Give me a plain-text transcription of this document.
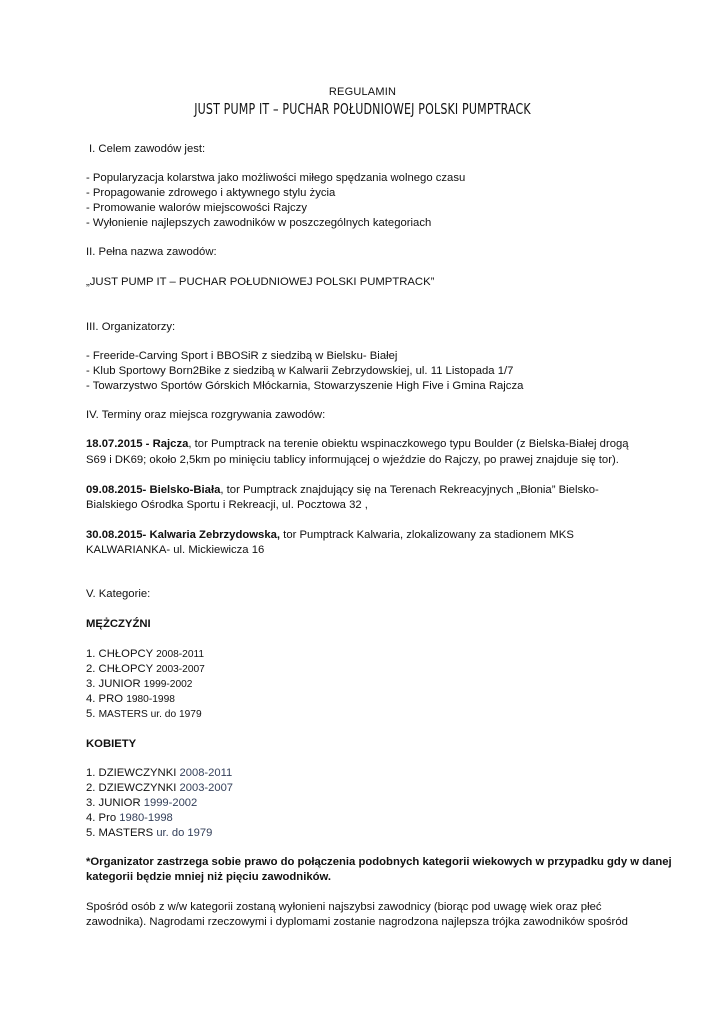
REGULAMIN
JUST PUMP IT – PUCHAR POŁUDNIOWEJ POLSKI PUMPTRACK
I. Celem zawodów jest:
- Popularyzacja kolarstwa jako możliwości miłego spędzania wolnego czasu
- Propagowanie zdrowego i aktywnego stylu życia
- Promowanie walorów miejscowości Rajczy
- Wyłonienie najlepszych zawodników w poszczególnych kategoriach
II. Pełna nazwa zawodów:
„JUST PUMP IT – PUCHAR POŁUDNIOWEJ POLSKI PUMPTRACK”
III. Organizatorzy:
- Freeride-Carving Sport i BBOSiR z siedzibą w Bielsku- Białej
- Klub Sportowy Born2Bike z siedzibą w Kalwarii Zebrzydowskiej, ul. 11 Listopada 1/7
- Towarzystwo Sportów Górskich Młóckarnia, Stowarzyszenie High Five i Gmina Rajcza
IV. Terminy oraz miejsca rozgrywania zawodów:
18.07.2015 - Rajcza, tor Pumptrack na terenie obiektu wspinaczkowego typu Boulder (z Bielska-Białej drogą
S69 i DK69; około 2,5km po minięciu tablicy informującej o wjeździe do Rajczy, po prawej znajduje się tor).
09.08.2015- Bielsko-Biała, tor Pumptrack znajdujący się na Terenach Rekreacyjnych „Błonia” Bielsko-
Bialskiego Ośrodka Sportu i Rekreacji, ul. Pocztowa 32 ,
30.08.2015- Kalwaria Zebrzydowska, tor Pumptrack Kalwaria, zlokalizowany za stadionem MKS
KALWARIANKA- ul. Mickiewicza 16
V. Kategorie:
MĘŻCZYŹNI
1. CHŁOPCY 2008-2011
2. CHŁOPCY 2003-2007
3. JUNIOR 1999-2002
4. PRO 1980-1998
5. MASTERS ur. do 1979
KOBIETY
1. DZIEWCZYNKI 2008-2011
2. DZIEWCZYNKI 2003-2007
3. JUNIOR 1999-2002
4. Pro 1980-1998
5. MASTERS ur. do 1979
*Organizator zastrzega sobie prawo do połączenia podobnych kategorii wiekowych w przypadku gdy w danej
kategorii będzie mniej niż pięciu zawodników.
Spośród osób z w/w kategorii zostaną wyłonieni najszybsi zawodnicy (biorąc pod uwagę wiek oraz płeć
zawodnika). Nagrodami rzeczowymi i dyplomami zostanie nagrodzona najlepsza trójka zawodników spośród
